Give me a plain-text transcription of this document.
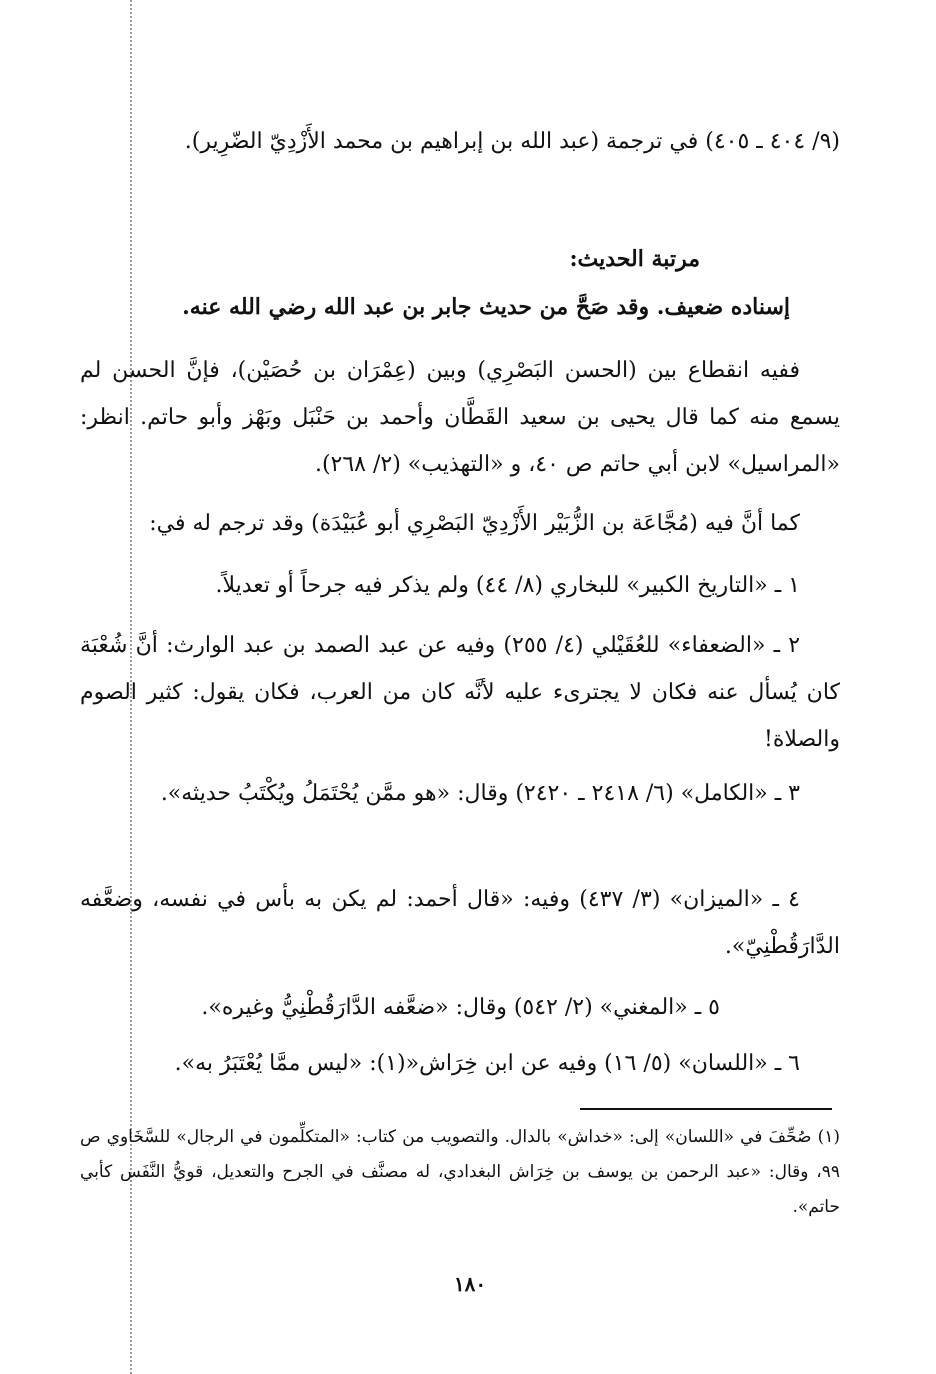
(٩/ ٤٠٤ ـ ٤٠٥) في ترجمة (عبد الله بن إبراهيم بن محمد الأَزْدِيّ الضّرِير).

مرتبة الحديث:

إسناده ضعيف. وقد صَحَّ من حديث جابر بن عبد الله رضي الله عنه.

ففيه انقطاع بين (الحسن البَصْرِي) وبين (عِمْرَان بن حُصَيْن)، فإنَّ الحسن لم يسمع منه كما قال يحيى بن سعيد القَطَّان وأحمد بن حَنْبَل وبَهْز وأبو حاتم. انظر: «المراسيل» لابن أبي حاتم ص ٤٠، و «التهذيب» (٢/ ٢٦٨).

كما أنَّ فيه (مُجَّاعَة بن الزُّبَيْر الأَزْدِيّ البَصْرِي أبو عُبَيْدَة) وقد ترجم له في:

١ ـ «التاريخ الكبير» للبخاري (٨/ ٤٤) ولم يذكر فيه جرحاً أو تعديلاً.

٢ ـ «الضعفاء» للعُقَيْلي (٤/ ٢٥٥) وفيه عن عبد الصمد بن عبد الوارث: أنَّ شُعْبَة كان يُسأل عنه فكان لا يجترىء عليه لأنَّه كان من العرب، فكان يقول: كثير الصوم والصلاة!

٣ ـ «الكامل» (٦/ ٢٤١٨ ـ ٢٤٢٠) وقال: «هو ممَّن يُحْتَمَلُ ويُكْتَبُ حديثه».

٤ ـ «الميزان» (٣/ ٤٣٧) وفيه: «قال أحمد: لم يكن به بأس في نفسه، وضعَّفه الدَّارَقُطْنِيّ».

٥ ـ «المغني» (٢/ ٥٤٢) وقال: «ضعَّفه الدَّارَقُطْنِيُّ وغيره».

٦ ـ «اللسان» (٥/ ١٦) وفيه عن ابن خِرَاش«(١): «ليس ممَّا يُعْتَبَرُ به».

(١) صُحِّفَ في «اللسان» إلى: «خداش» بالدال. والتصويب من كتاب: «المتكلِّمون في الرجال» للسَّخَاوي ص ٩٩، وقال: «عبد الرحمن بن يوسف بن خِرَاش البغدادي، له مصنَّف في الجرح والتعديل، قويُّ النَّفَس كأبي حاتم».

١٨٠
